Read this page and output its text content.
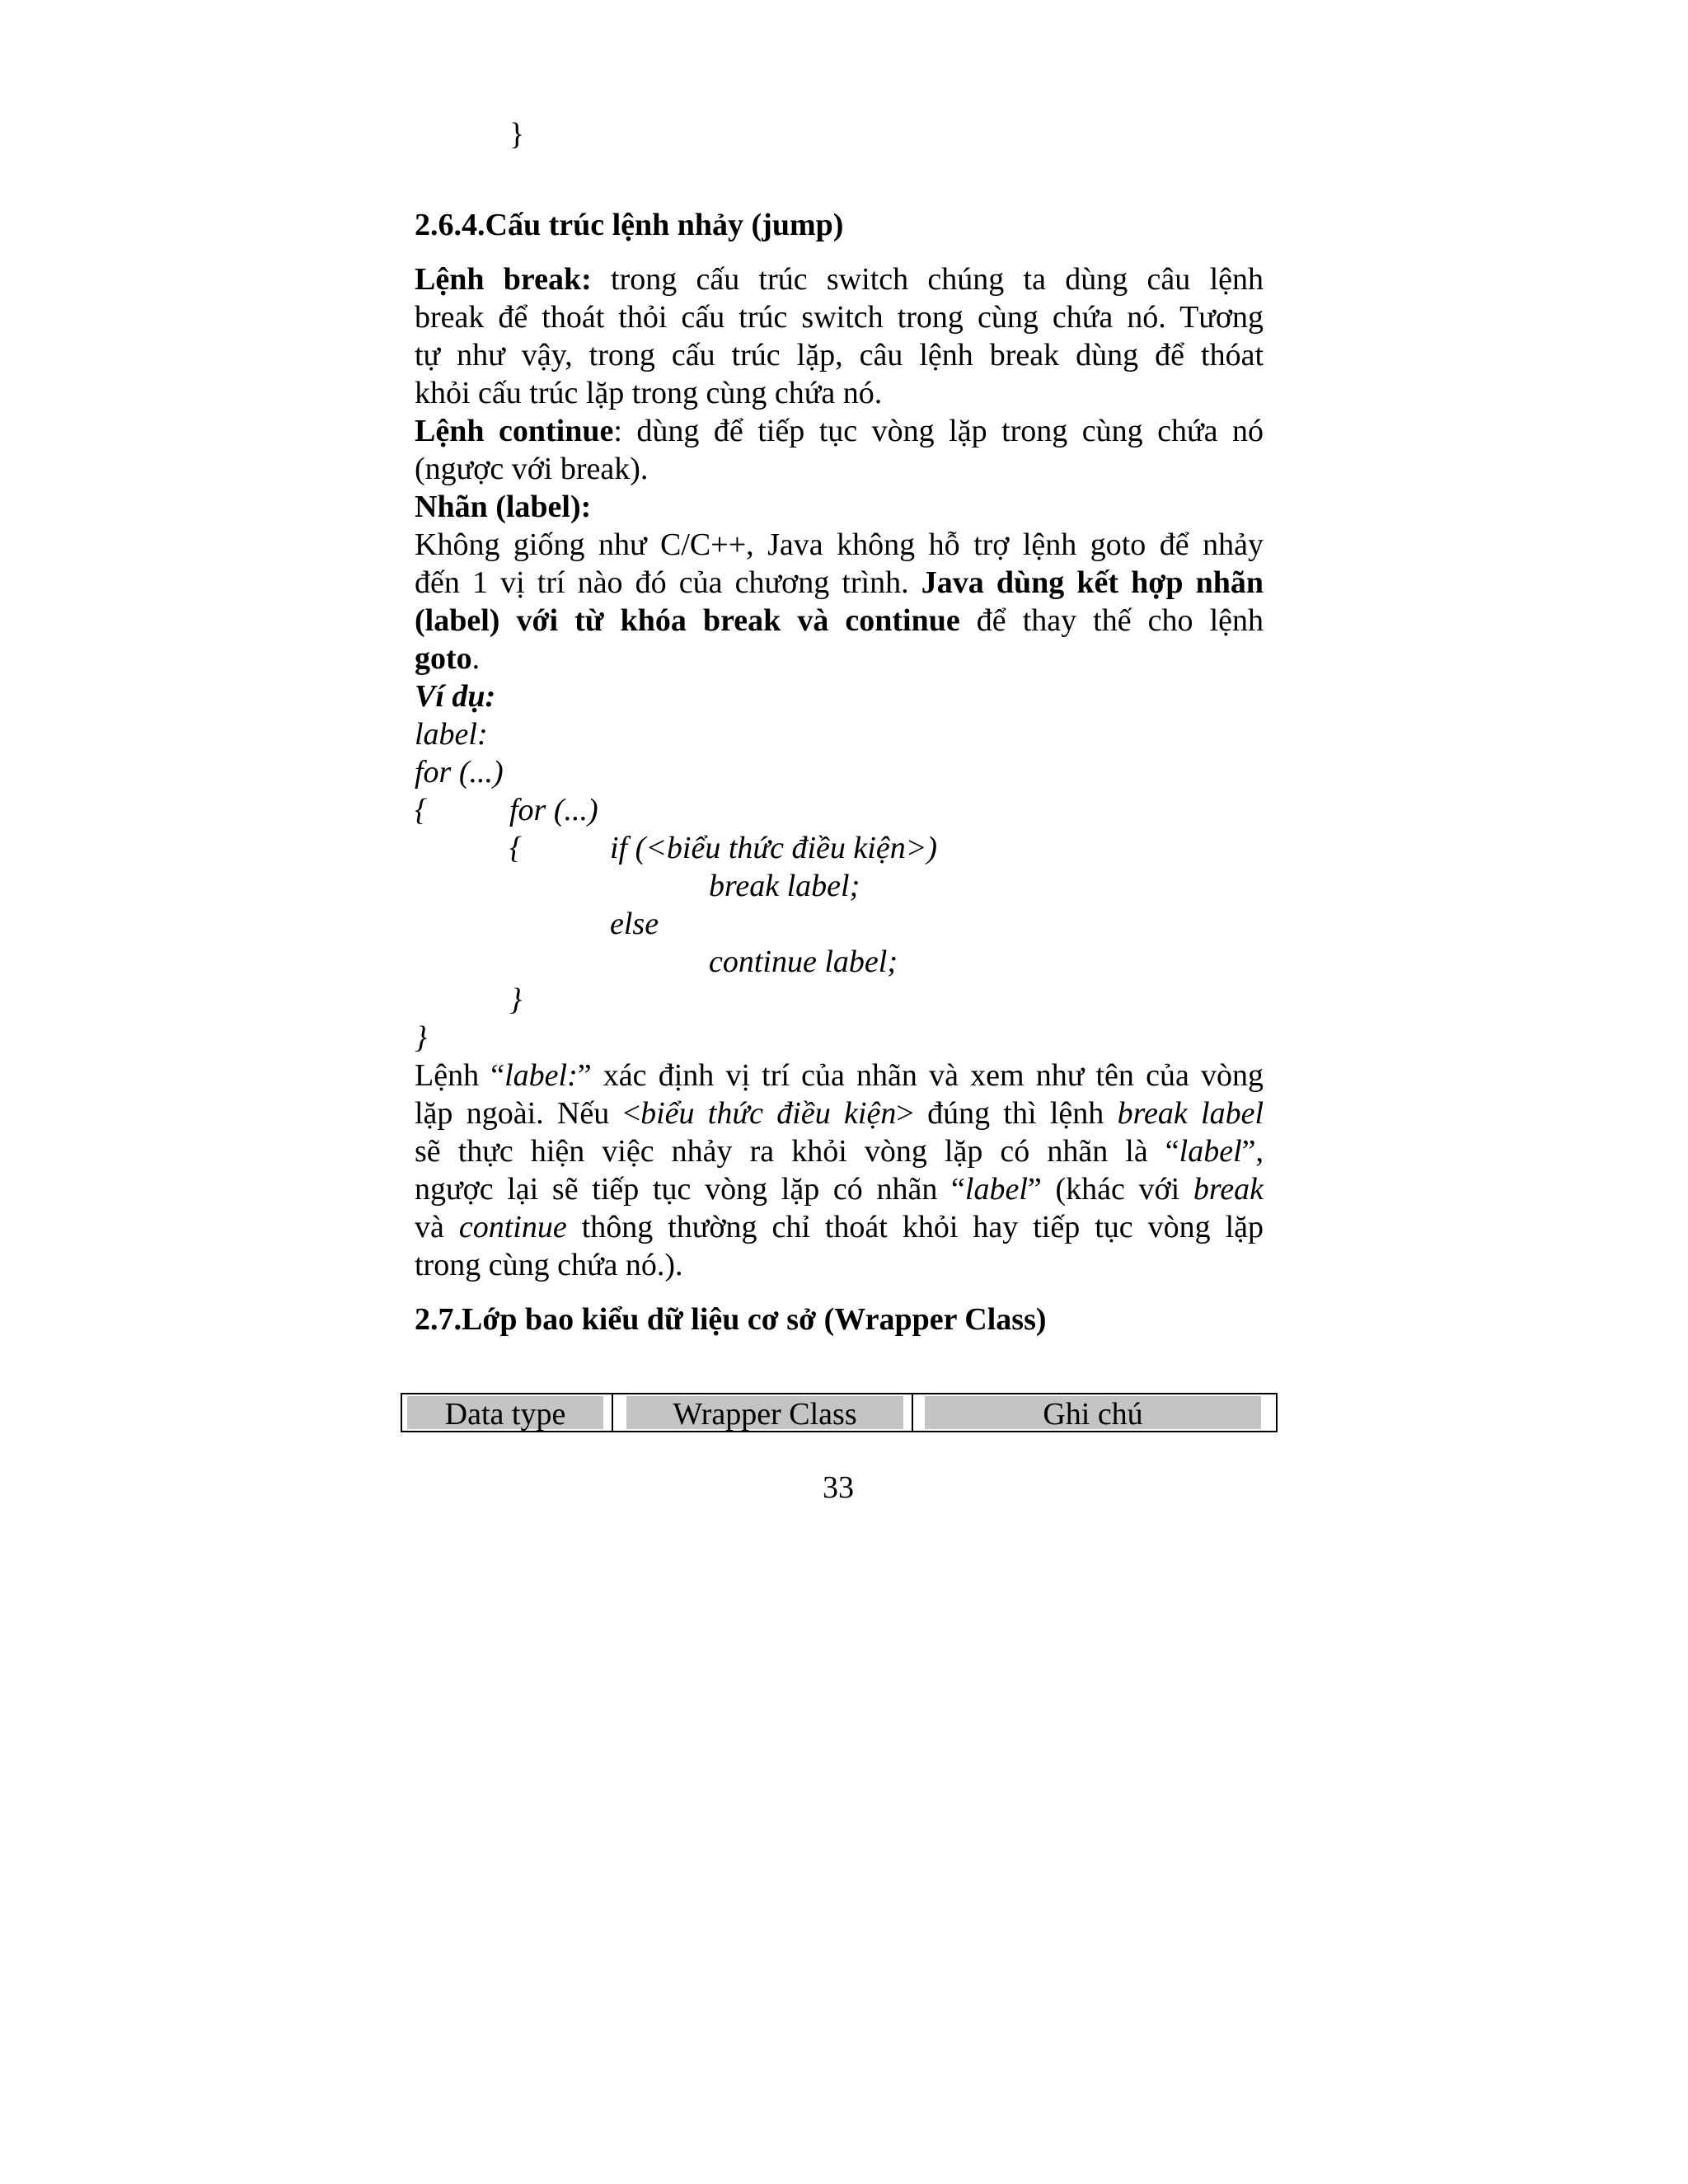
}

2.6.4.Cấu trúc lệnh nhảy (jump)

Lệnh break: trong cấu trúc switch chúng ta dùng câu lệnh

break để thoát thỏi cấu trúc switch trong cùng chứa nó. Tương

tự như vậy, trong cấu trúc lặp, câu lệnh break dùng để thóat

khỏi cấu trúc lặp trong cùng chứa nó.

Lệnh continue: dùng để tiếp tục vòng lặp trong cùng chứa nó

(ngược với break).

Nhãn (label):

Không giống như C/C++, Java không hỗ trợ lệnh goto để nhảy

đến 1 vị trí nào đó của chương trình. Java dùng kết hợp nhãn

(label) với từ khóa break và continue để thay thế cho lệnh

goto.

Ví dụ:

label:

for (...)

{	for (...)

{	if (<biểu thức điều kiện>)

break label;

else

continue label;

}

}

Lệnh “label:” xác định vị trí của nhãn và xem như tên của vòng

lặp ngoài. Nếu <biểu thức điều kiện> đúng thì lệnh break label

sẽ thực hiện việc nhảy ra khỏi vòng lặp có nhãn là “label”,

ngược lại sẽ tiếp tục vòng lặp có nhãn “label” (khác với break

và continue thông thường chỉ thoát khỏi hay tiếp tục vòng lặp

trong cùng chứa nó.).

2.7.Lớp bao kiểu dữ liệu cơ sở (Wrapper Class)

Data type	Wrapper Class	Ghi chú

33
